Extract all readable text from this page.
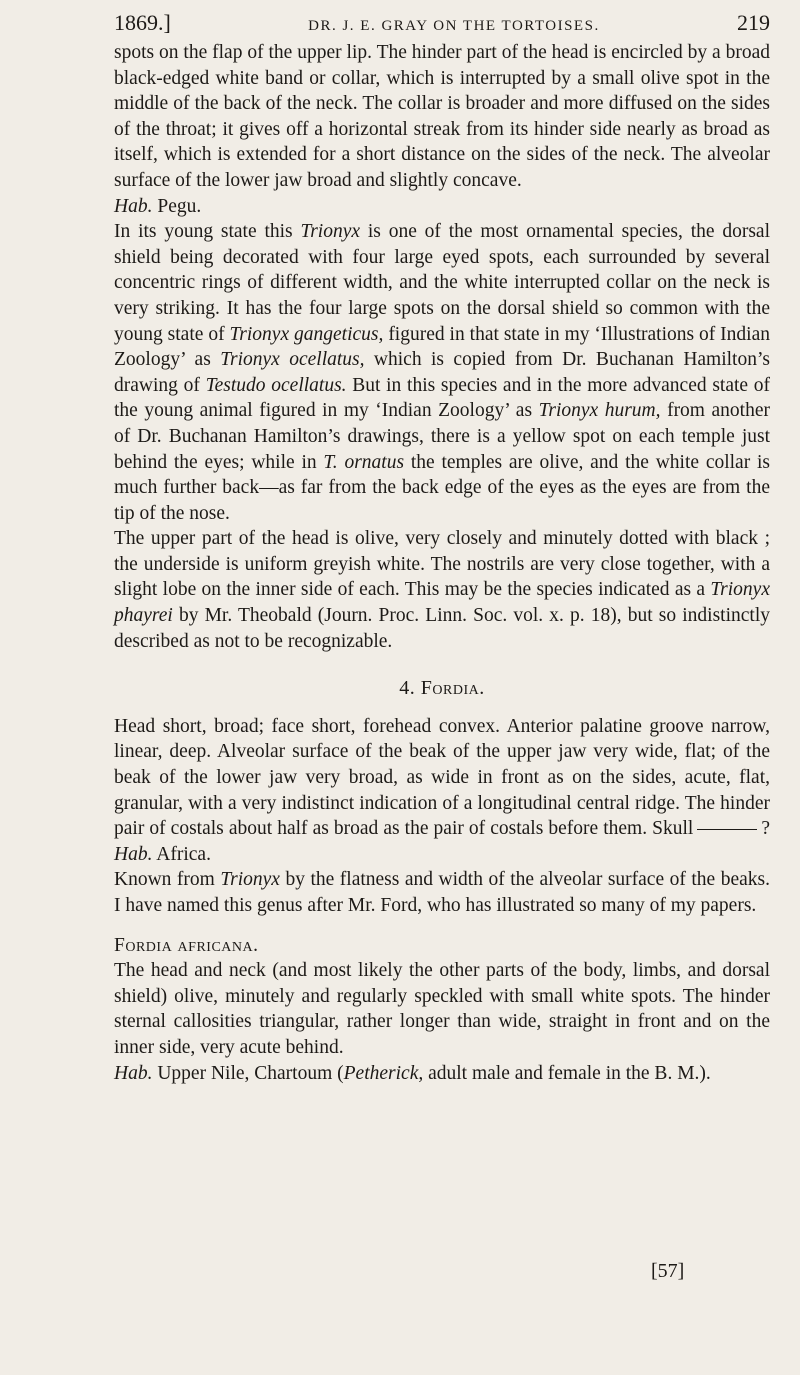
1869.]	DR. J. E. GRAY ON THE TORTOISES.	219

spots on the flap of the upper lip. The hinder part of the head is encircled by a broad black-edged white band or collar, which is interrupted by a small olive spot in the middle of the back of the neck. The collar is broader and more diffused on the sides of the throat; it gives off a horizontal streak from its hinder side nearly as broad as itself, which is extended for a short distance on the sides of the neck. The alveolar surface of the lower jaw broad and slightly concave.

Hab. Pegu.

In its young state this Trionyx is one of the most ornamental species, the dorsal shield being decorated with four large eyed spots, each surrounded by several concentric rings of different width, and the white interrupted collar on the neck is very striking. It has the four large spots on the dorsal shield so common with the young state of Trionyx gangeticus, figured in that state in my ‘Illustrations of Indian Zoology’ as Trionyx ocellatus, which is copied from Dr. Buchanan Hamilton’s drawing of Testudo ocellatus. But in this species and in the more advanced state of the young animal figured in my ‘Indian Zoology’ as Trionyx hurum, from another of Dr. Buchanan Hamilton’s drawings, there is a yellow spot on each temple just behind the eyes; while in T. ornatus the temples are olive, and the white collar is much further back—as far from the back edge of the eyes as the eyes are from the tip of the nose.

The upper part of the head is olive, very closely and minutely dotted with black ; the underside is uniform greyish white. The nostrils are very close together, with a slight lobe on the inner side of each. This may be the species indicated as a Trionyx phayrei by Mr. Theobald (Journ. Proc. Linn. Soc. vol. x. p. 18), but so indistinctly described as not to be recognizable.

4. Fordia.

Head short, broad; face short, forehead convex. Anterior palatine groove narrow, linear, deep. Alveolar surface of the beak of the upper jaw very wide, flat; of the beak of the lower jaw very broad, as wide in front as on the sides, acute, flat, granular, with a very indistinct indication of a longitudinal central ridge. The hinder pair of costals about half as broad as the pair of costals before them. Skull	? Hab. Africa.

Known from Trionyx by the flatness and width of the alveolar surface of the beaks. I have named this genus after Mr. Ford, who has illustrated so many of my papers.

Fordia africana.

The head and neck (and most likely the other parts of the body, limbs, and dorsal shield) olive, minutely and regularly speckled with small white spots. The hinder sternal callosities triangular, rather longer than wide, straight in front and on the inner side, very acute behind.

Hab. Upper Nile, Chartoum (Petherick, adult male and female in the B. M.).

[57]
